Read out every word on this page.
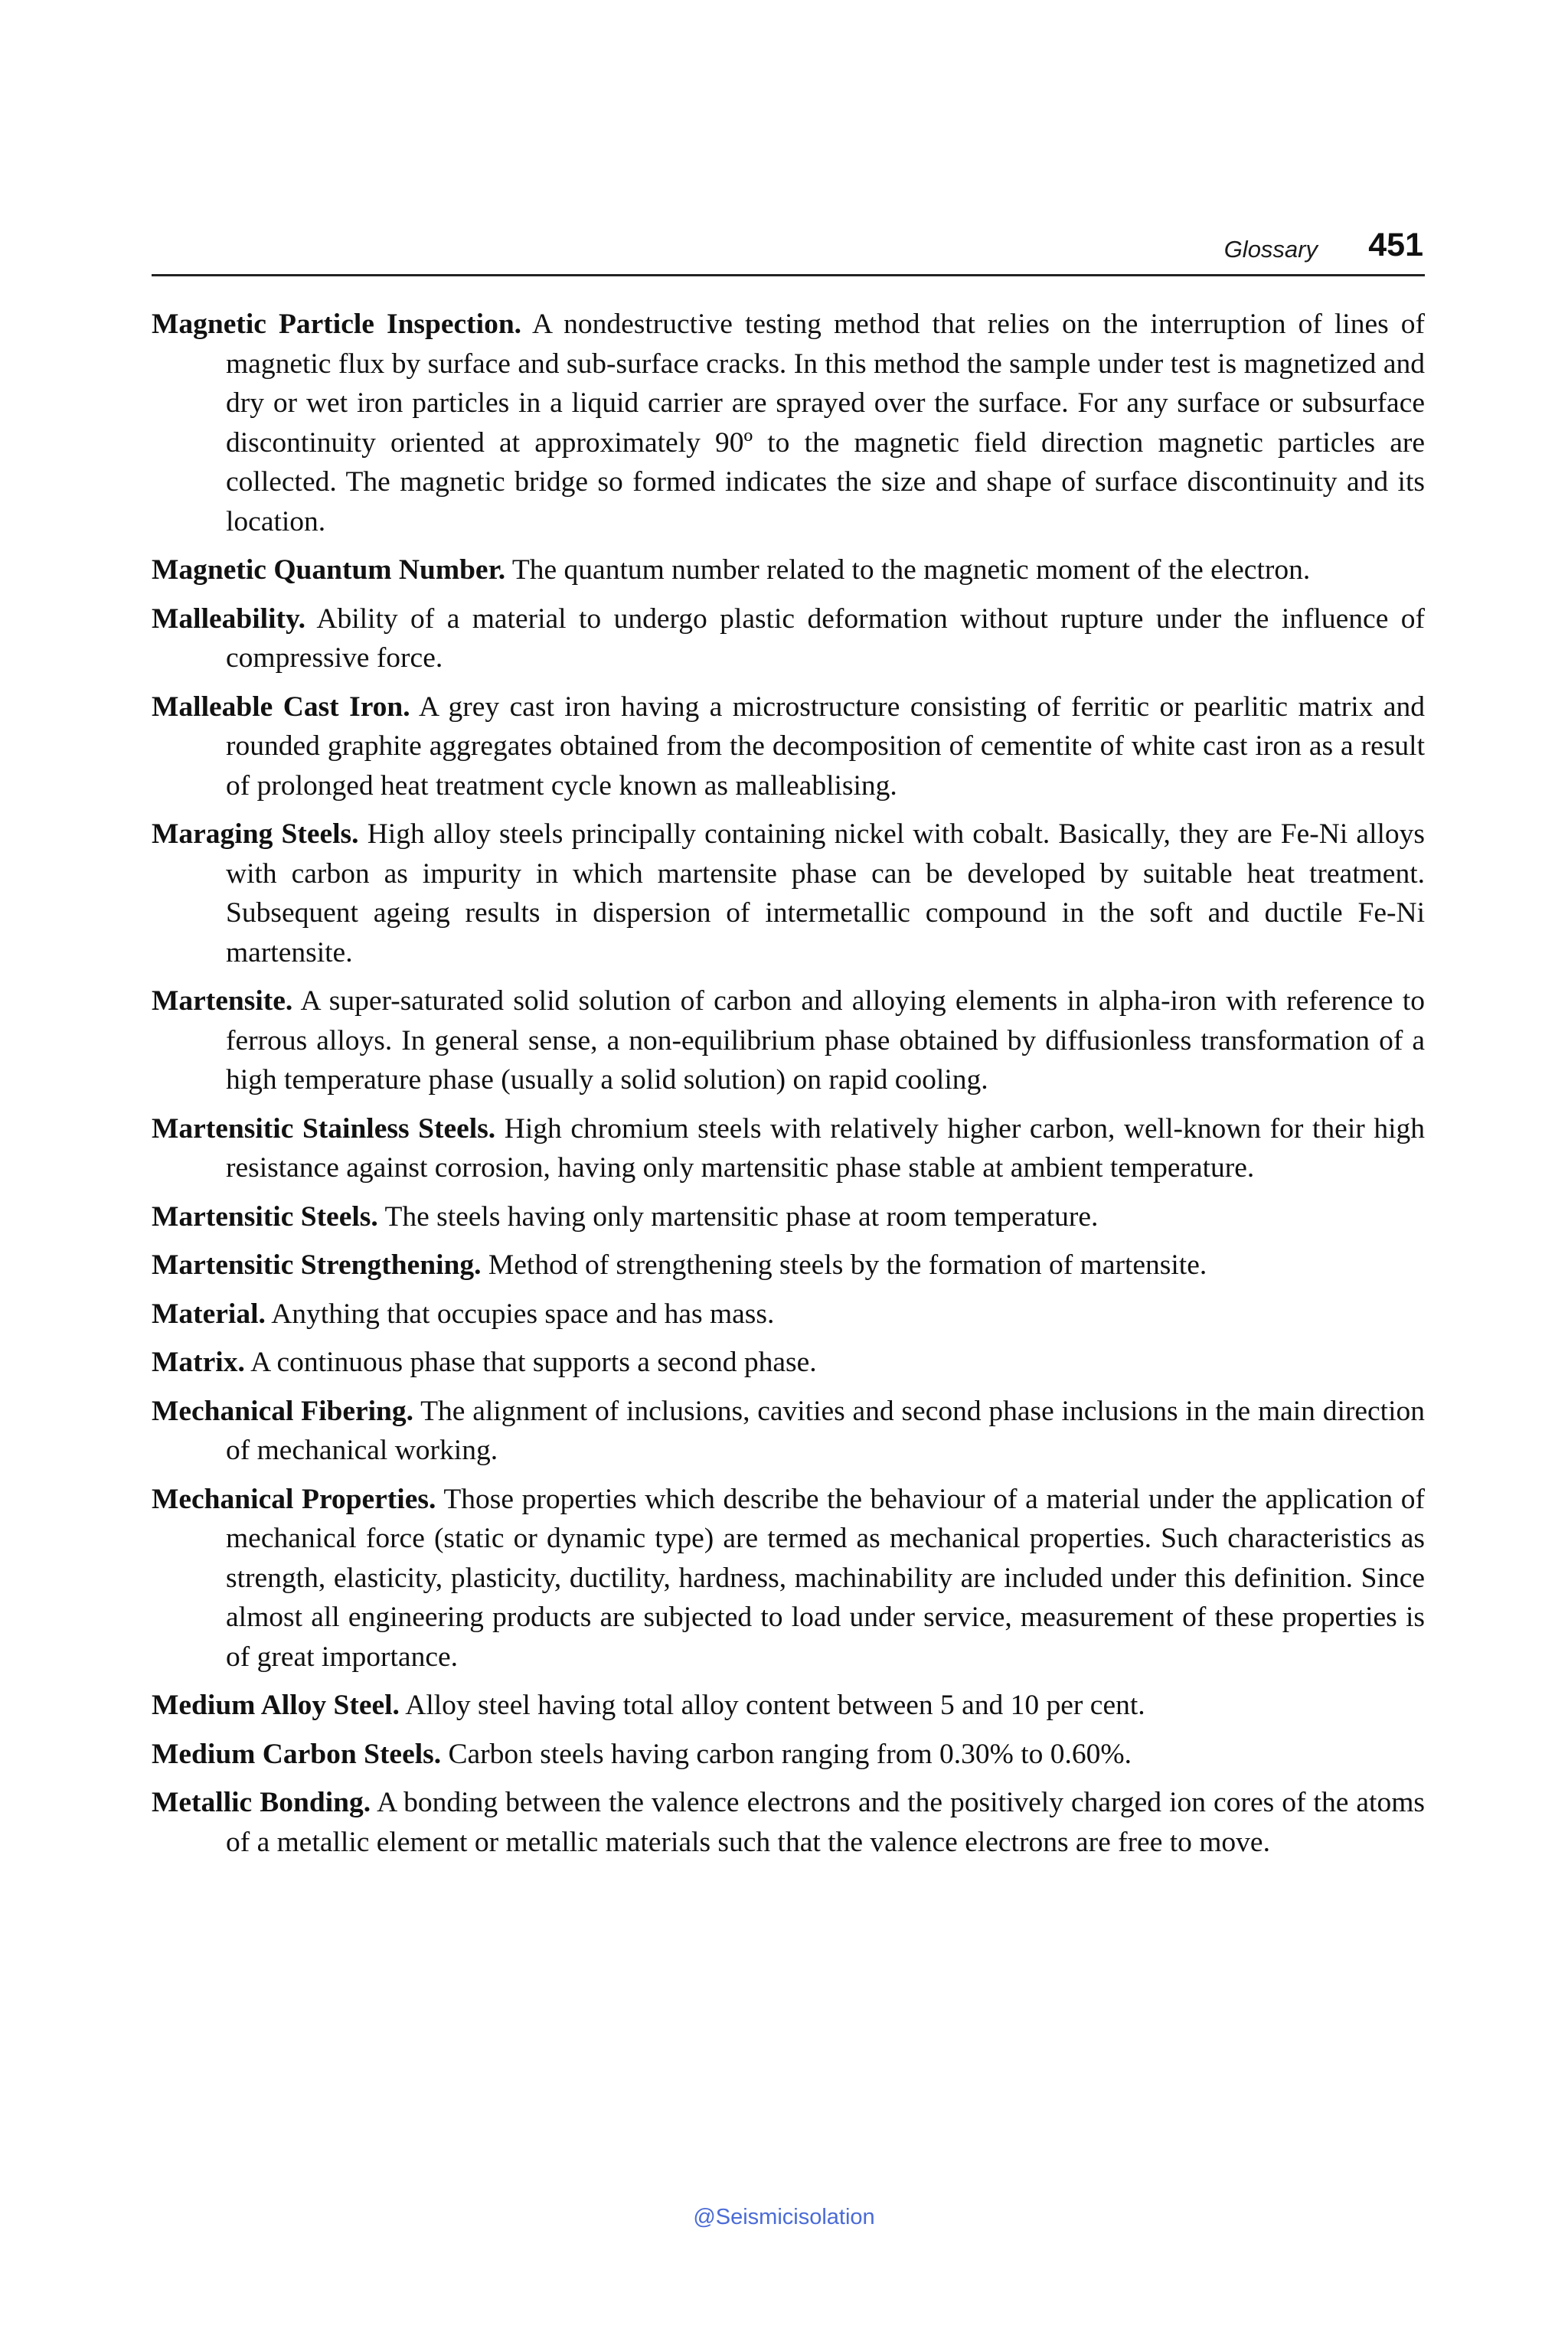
Glossary 451

Magnetic Particle Inspection. A nondestructive testing method that relies on the interruption of lines of magnetic flux by surface and sub-surface cracks. In this method the sample under test is magnetized and dry or wet iron particles in a liquid carrier are sprayed over the surface. For any surface or subsurface discontinuity oriented at approximately 90º to the magnetic field direction magnetic particles are collected. The magnetic bridge so formed indicates the size and shape of surface discontinuity and its location.

Magnetic Quantum Number. The quantum number related to the magnetic moment of the electron.

Malleability. Ability of a material to undergo plastic deformation without rupture under the influence of compressive force.

Malleable Cast Iron. A grey cast iron having a microstructure consisting of ferritic or pearlitic matrix and rounded graphite aggregates obtained from the decomposition of cementite of white cast iron as a result of prolonged heat treatment cycle known as malleablising.

Maraging Steels. High alloy steels principally containing nickel with cobalt. Basically, they are Fe-Ni alloys with carbon as impurity in which martensite phase can be developed by suitable heat treatment. Subsequent ageing results in dispersion of intermetallic compound in the soft and ductile Fe-Ni martensite.

Martensite. A super-saturated solid solution of carbon and alloying elements in alpha-iron with reference to ferrous alloys. In general sense, a non-equilibrium phase obtained by diffusionless transformation of a high temperature phase (usually a solid solution) on rapid cooling.

Martensitic Stainless Steels. High chromium steels with relatively higher carbon, well-known for their high resistance against corrosion, having only martensitic phase stable at ambient temperature.

Martensitic Steels. The steels having only martensitic phase at room temperature.

Martensitic Strengthening. Method of strengthening steels by the formation of martensite.

Material. Anything that occupies space and has mass.

Matrix. A continuous phase that supports a second phase.

Mechanical Fibering. The alignment of inclusions, cavities and second phase inclusions in the main direction of mechanical working.

Mechanical Properties. Those properties which describe the behaviour of a material under the application of mechanical force (static or dynamic type) are termed as mechanical properties. Such characteristics as strength, elasticity, plasticity, ductility, hardness, machinability are included under this definition. Since almost all engineering products are subjected to load under service, measurement of these properties is of great importance.

Medium Alloy Steel. Alloy steel having total alloy content between 5 and 10 per cent.

Medium Carbon Steels. Carbon steels having carbon ranging from 0.30% to 0.60%.

Metallic Bonding. A bonding between the valence electrons and the positively charged ion cores of the atoms of a metallic element or metallic materials such that the valence electrons are free to move.

@Seismicisolation
